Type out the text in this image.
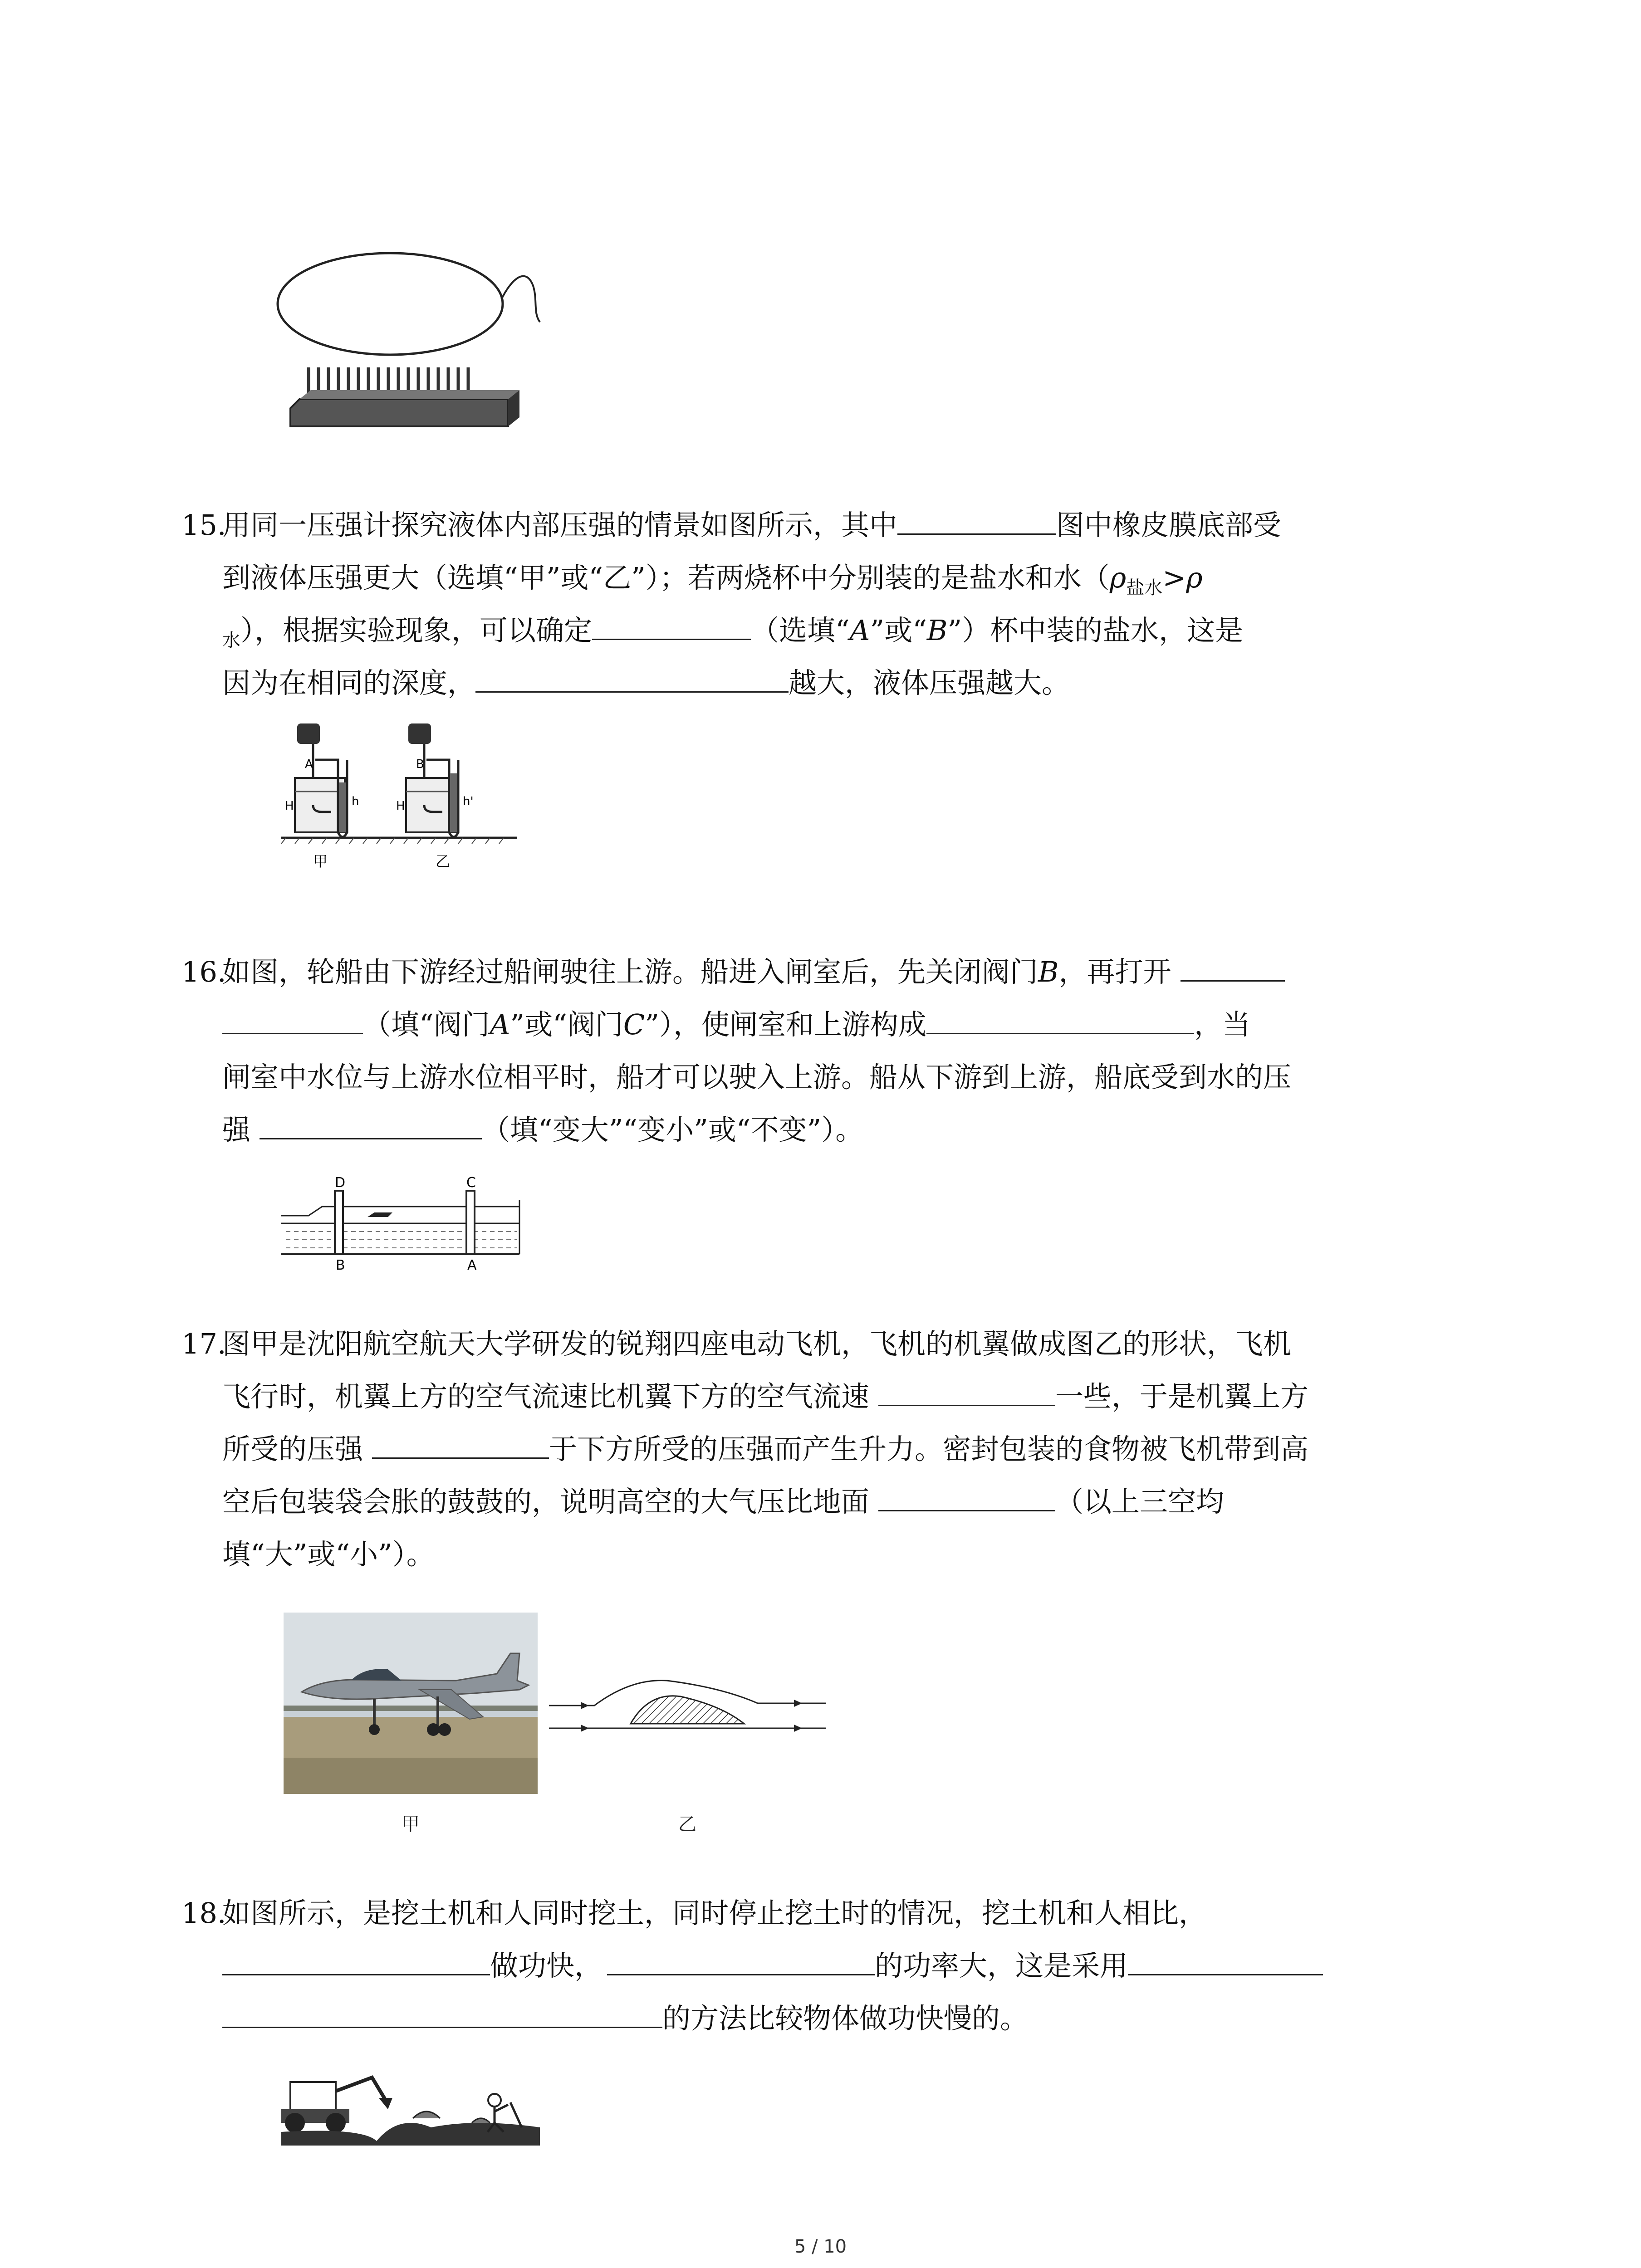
15.
用同一压强计探究液体内部压强的情景如图所示，其中	图中橡皮膜底部受
到液体压强更大（选填“甲”或“乙”）；若两烧杯中分别装的是盐水和水（$\rho_{盐水}>\rho$
$_水$），根据实验现象，可以确定	（选填“A”或“B”）杯中装的盐水，这是
因为在相同的深度，	越大，液体压强越大。
A
H	h
B
H	h'
甲	乙
16.
如图，轮船由下游经过船闸驶往上游。船进入闸室后，先关闭阀门B，再打开
（填“阀门A”或“阀门C”），使闸室和上游构成	，当
闸室中水位与上游水位相平时，船才可以驶入上游。船从下游到上游，船底受到水的压
强	（填“变大”“变小”或“不变”）。
D	C
B	A
17.
图甲是沈阳航空航天大学研发的锐翔四座电动飞机，飞机的机翼做成图乙的形状，飞机
飞行时，机翼上方的空气流速比机翼下方的空气流速	一些，于是机翼上方
所受的压强	于下方所受的压强而产生升力。密封包装的食物被飞机带到高
空后包装袋会胀的鼓鼓的，说明高空的大气压比地面	（以上三空均
填“大”或“小”）。
甲	乙
18.
如图所示，是挖土机和人同时挖土，同时停止挖土时的情况，挖土机和人相比，
做功快，	的功率大，这是采用
的方法比较物体做功快慢的。
5 / 10
